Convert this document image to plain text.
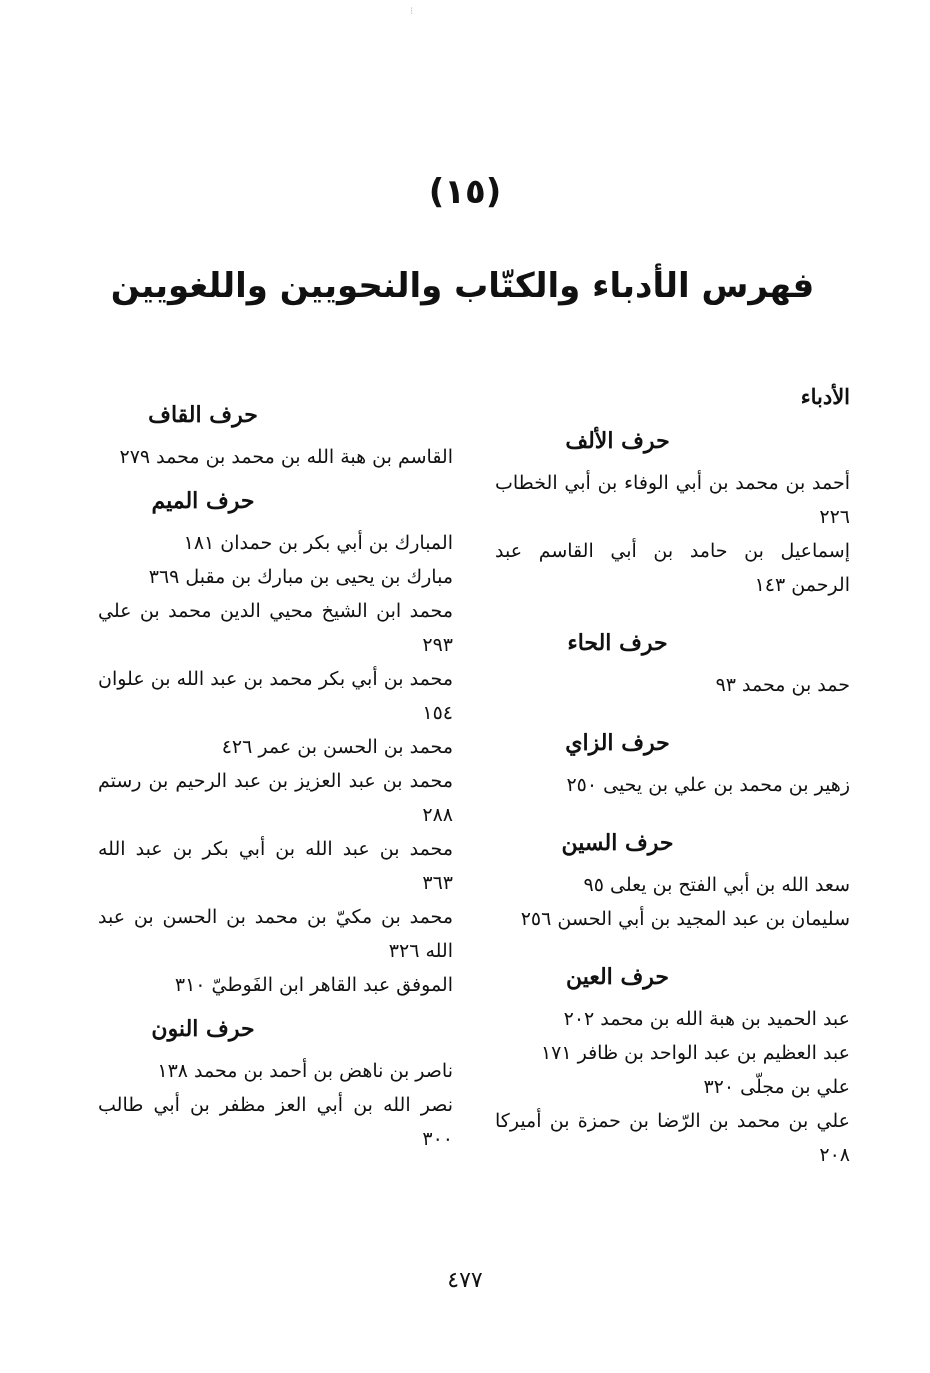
⁝
(١٥)
فهرس الأدباء والكتّاب والنحويين واللغويين
الأدباء
حرف الألف

أحمد بن محمد بن أبي الوفاء بن أبي الخطاب ٢٢٦

إسماعيل بن حامد بن أبي القاسم عبد الرحمن ١٤٣

حرف الحاء

حمد بن محمد ٩٣

حرف الزاي

زهير بن محمد بن علي بن يحيى ٢٥٠

حرف السين

سعد الله بن أبي الفتح بن يعلى ٩٥

سليمان بن عبد المجيد بن أبي الحسن ٢٥٦

حرف العين

عبد الحميد بن هبة الله بن محمد ٢٠٢

عبد العظيم بن عبد الواحد بن ظافر ١٧١

علي بن مجلّى ٣٢٠

علي بن محمد بن الرّضا بن حمزة بن أميركا ٢٠٨

حرف القاف

القاسم بن هبة الله بن محمد بن محمد ٢٧٩

حرف الميم

المبارك بن أبي بكر بن حمدان ١٨١

مبارك بن يحيى بن مبارك بن مقبل ٣٦٩

محمد ابن الشيخ محيي الدين محمد بن علي ٢٩٣

محمد بن أبي بكر محمد بن عبد الله بن علوان ١٥٤

محمد بن الحسن بن عمر ٤٢٦

محمد بن عبد العزيز بن عبد الرحيم بن رستم ٢٨٨

محمد بن عبد الله بن أبي بكر بن عبد الله ٣٦٣

محمد بن مكيّ بن محمد بن الحسن بن عبد الله ٣٢٦

الموفق عبد القاهر ابن الفَوطيّ ٣١٠

حرف النون

ناصر بن ناهض بن أحمد بن محمد ١٣٨

نصر الله بن أبي العز مظفر بن أبي طالب ٣٠٠

٤٧٧
